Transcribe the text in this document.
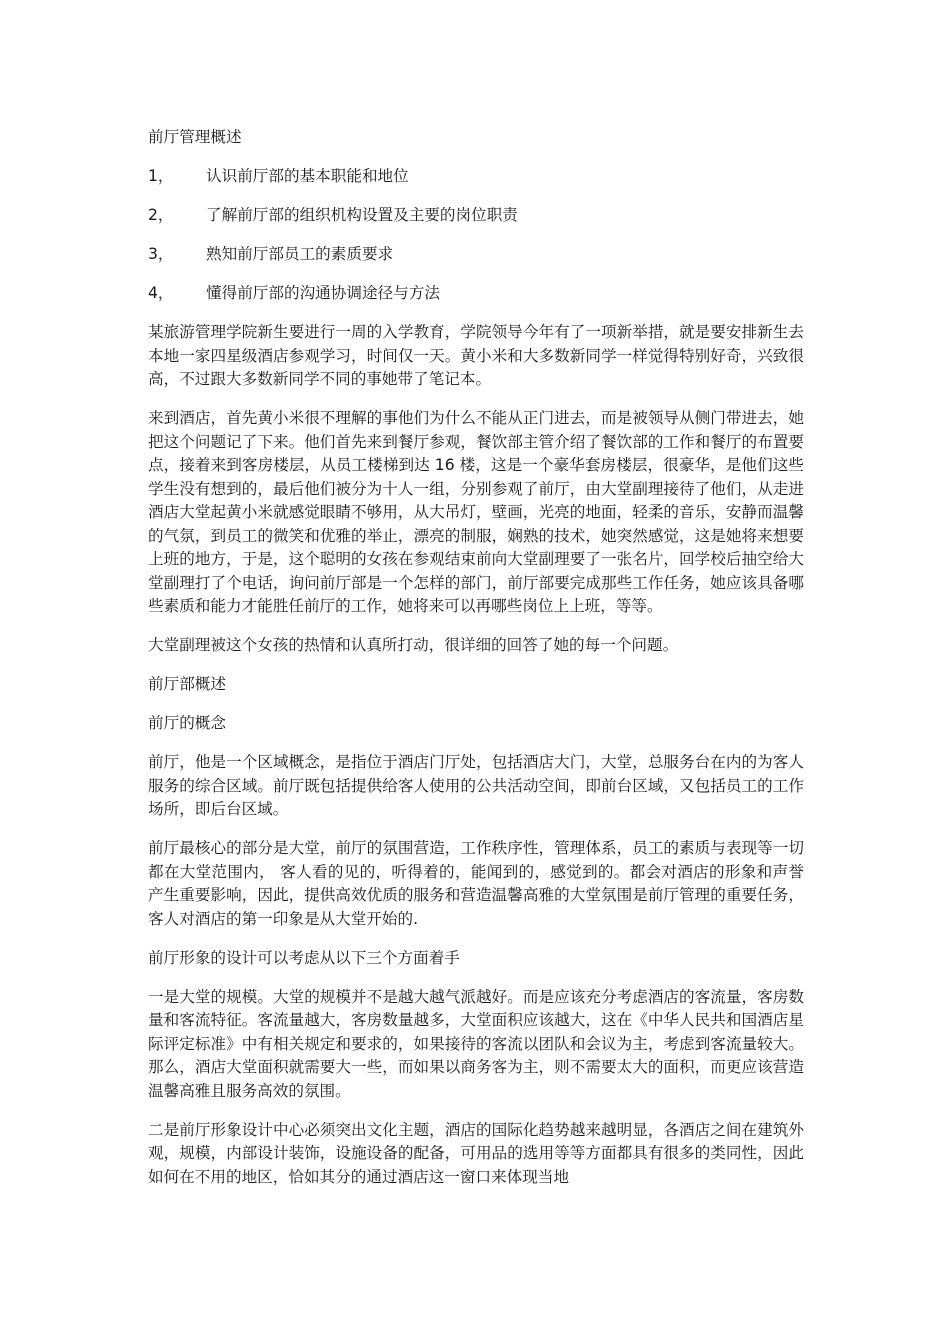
前厅管理概述

1，	认识前厅部的基本职能和地位
2，	了解前厅部的组织机构设置及主要的岗位职责
3，	熟知前厅部员工的素质要求
4，	懂得前厅部的沟通协调途径与方法

某旅游管理学院新生要进行一周的入学教育，学院领导今年有了一项新举措，就是要安排新生去本地一家四星级酒店参观学习，时间仅一天。黄小米和大多数新同学一样觉得特别好奇，兴致很高，不过跟大多数新同学不同的事她带了笔记本。

来到酒店，首先黄小米很不理解的事他们为什么不能从正门进去，而是被领导从侧门带进去，她把这个问题记了下来。他们首先来到餐厅参观，餐饮部主管介绍了餐饮部的工作和餐厅的布置要点，接着来到客房楼层，从员工楼梯到达 16 楼，这是一个豪华套房楼层，很豪华，是他们这些学生没有想到的，最后他们被分为十人一组，分别参观了前厅，由大堂副理接待了他们，从走进酒店大堂起黄小米就感觉眼睛不够用，从大吊灯，壁画，光亮的地面，轻柔的音乐，安静而温馨的气氛，到员工的微笑和优雅的举止，漂亮的制服，娴熟的技术，她突然感觉，这是她将来想要上班的地方，于是，这个聪明的女孩在参观结束前向大堂副理要了一张名片，回学校后抽空给大堂副理打了个电话，询问前厅部是一个怎样的部门，前厅部要完成那些工作任务，她应该具备哪些素质和能力才能胜任前厅的工作，她将来可以再哪些岗位上上班，等等。

大堂副理被这个女孩的热情和认真所打动，很详细的回答了她的每一个问题。

前厅部概述

前厅的概念

前厅，他是一个区域概念，是指位于酒店门厅处，包括酒店大门，大堂，总服务台在内的为客人服务的综合区域。前厅既包括提供给客人使用的公共活动空间，即前台区域，又包括员工的工作场所，即后台区域。

前厅最核心的部分是大堂，前厅的氛围营造，工作秩序性，管理体系，员工的素质与表现等一切都在大堂范围内， 客人看的见的，听得着的，能闻到的，感觉到的。都会对酒店的形象和声誉产生重要影响，因此，提供高效优质的服务和营造温馨高雅的大堂氛围是前厅管理的重要任务，客人对酒店的第一印象是从大堂开始的.

前厅形象的设计可以考虑从以下三个方面着手

一是大堂的规模。大堂的规模并不是越大越气派越好。而是应该充分考虑酒店的客流量，客房数量和客流特征。客流量越大，客房数量越多，大堂面积应该越大，这在《中华人民共和国酒店星际评定标准》中有相关规定和要求的，如果接待的客流以团队和会议为主，考虑到客流量较大。那么，酒店大堂面积就需要大一些，而如果以商务客为主，则不需要太大的面积，而更应该营造温馨高雅且服务高效的氛围。

二是前厅形象设计中心必须突出文化主题，酒店的国际化趋势越来越明显，各酒店之间在建筑外观，规模，内部设计装饰，设施设备的配备，可用品的选用等等方面都具有很多的类同性，因此如何在不用的地区，恰如其分的通过酒店这一窗口来体现当地
